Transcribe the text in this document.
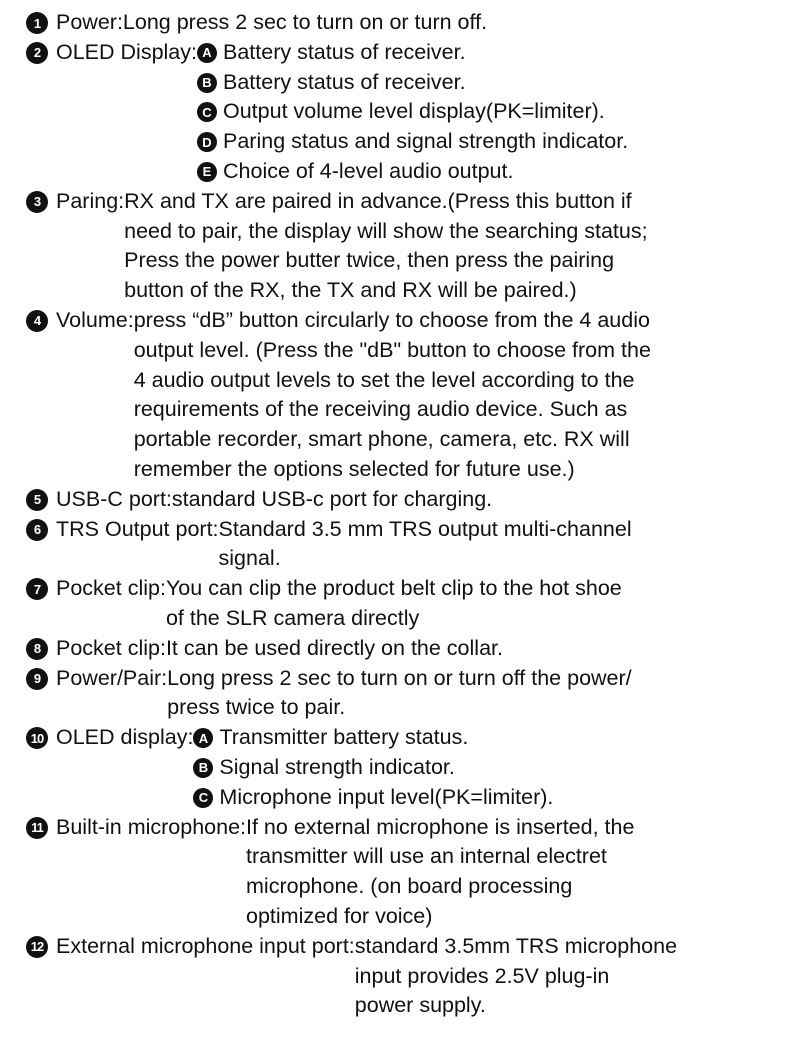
1 Power: Long press 2 sec to turn on or turn off.
2 OLED Display: A Battery status of receiver.
B Battery status of receiver.
C Output volume level display(PK=limiter).
D Paring status and signal strength indicator.
E Choice of 4-level audio output.
3 Paring: RX and TX are paired in advance.(Press this button if
need to pair, the display will show the searching status;
Press the power butter twice, then press the pairing
button of the RX, the TX and RX will be paired.)
4 Volume: press “dB” button circularly to choose from the 4 audio
output level. (Press the "dB" button to choose from the
4 audio output levels to set the level according to the
requirements of the receiving audio device. Such as
portable recorder, smart phone, camera, etc. RX will
remember the options selected for future use.)
5 USB-C port: standard USB-c port for charging.
6 TRS Output port: Standard 3.5 mm TRS output multi-channel
signal.
7 Pocket clip: You can clip the product belt clip to the hot shoe
of the SLR camera directly
8 Pocket clip: It can be used directly on the collar.
9 Power/Pair: Long press 2 sec to turn on or turn off the power/
press twice to pair.
10 OLED display: A Transmitter battery status.
B Signal strength indicator.
C Microphone input level(PK=limiter).
11 Built-in microphone: If no external microphone is inserted, the
transmitter will use an internal electret
microphone. (on board processing
optimized for voice)
12 External microphone input port: standard 3.5mm TRS microphone
input provides 2.5V plug-in
power supply.
